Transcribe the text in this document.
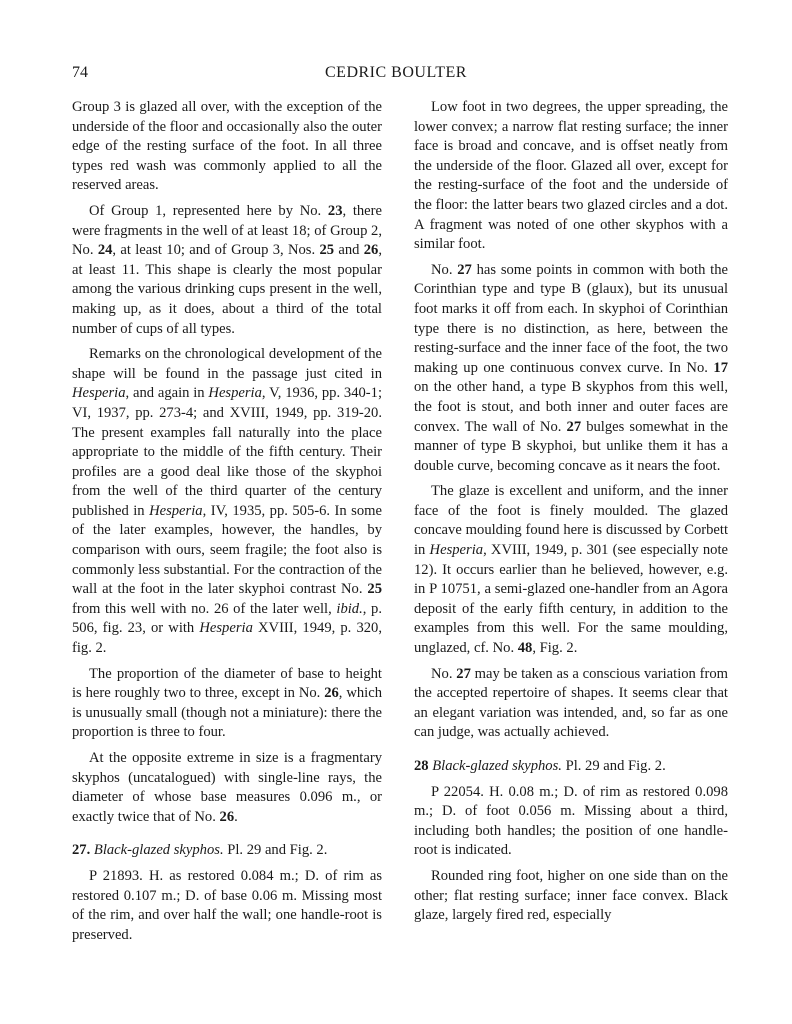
74	CEDRIC BOULTER

Group 3 is glazed all over, with the exception of the underside of the floor and occasionally also the outer edge of the resting surface of the foot. In all three types red wash was commonly applied to all the reserved areas.

Of Group 1, represented here by No. 23, there were fragments in the well of at least 18; of Group 2, No. 24, at least 10; and of Group 3, Nos. 25 and 26, at least 11. This shape is clearly the most popular among the various drinking cups present in the well, making up, as it does, about a third of the total number of cups of all types.

Remarks on the chronological development of the shape will be found in the passage just cited in Hesperia, and again in Hesperia, V, 1936, pp. 340-1; VI, 1937, pp. 273-4; and XVIII, 1949, pp. 319-20. The present examples fall naturally into the place appropriate to the middle of the fifth century. Their profiles are a good deal like those of the skyphoi from the well of the third quarter of the century published in Hesperia, IV, 1935, pp. 505-6. In some of the later examples, however, the handles, by comparison with ours, seem fragile; the foot also is commonly less substantial. For the contraction of the wall at the foot in the later skyphoi contrast No. 25 from this well with no. 26 of the later well, ibid., p. 506, fig. 23, or with Hesperia XVIII, 1949, p. 320, fig. 2.

The proportion of the diameter of base to height is here roughly two to three, except in No. 26, which is unusually small (though not a miniature): there the proportion is three to four.

At the opposite extreme in size is a fragmentary skyphos (uncatalogued) with single-line rays, the diameter of whose base measures 0.096 m., or exactly twice that of No. 26.

27. Black-glazed skyphos. Pl. 29 and Fig. 2.

P 21893. H. as restored 0.084 m.; D. of rim as restored 0.107 m.; D. of base 0.06 m. Missing most of the rim, and over half the wall; one handle-root is preserved.

Low foot in two degrees, the upper spreading, the lower convex; a narrow flat resting surface; the inner face is broad and concave, and is offset neatly from the underside of the floor. Glazed all over, except for the resting-surface of the foot and the underside of the floor: the latter bears two glazed circles and a dot. A fragment was noted of one other skyphos with a similar foot.

No. 27 has some points in common with both the Corinthian type and type B (glaux), but its unusual foot marks it off from each. In skyphoi of Corinthian type there is no distinction, as here, between the resting-surface and the inner face of the foot, the two making up one continuous convex curve. In No. 17 on the other hand, a type B skyphos from this well, the foot is stout, and both inner and outer faces are convex. The wall of No. 27 bulges somewhat in the manner of type B skyphoi, but unlike them it has a double curve, becoming concave as it nears the foot.

The glaze is excellent and uniform, and the inner face of the foot is finely moulded. The glazed concave moulding found here is discussed by Corbett in Hesperia, XVIII, 1949, p. 301 (see especially note 12). It occurs earlier than he believed, however, e.g. in P 10751, a semi-glazed one-handler from an Agora deposit of the early fifth century, in addition to the examples from this well. For the same moulding, unglazed, cf. No. 48, Fig. 2.

No. 27 may be taken as a conscious variation from the accepted repertoire of shapes. It seems clear that an elegant variation was intended, and, so far as one can judge, was actually achieved.

28 Black-glazed skyphos. Pl. 29 and Fig. 2.

P 22054. H. 0.08 m.; D. of rim as restored 0.098 m.; D. of foot 0.056 m. Missing about a third, including both handles; the position of one handle-root is indicated.

Rounded ring foot, higher on one side than on the other; flat resting surface; inner face convex. Black glaze, largely fired red, especially
